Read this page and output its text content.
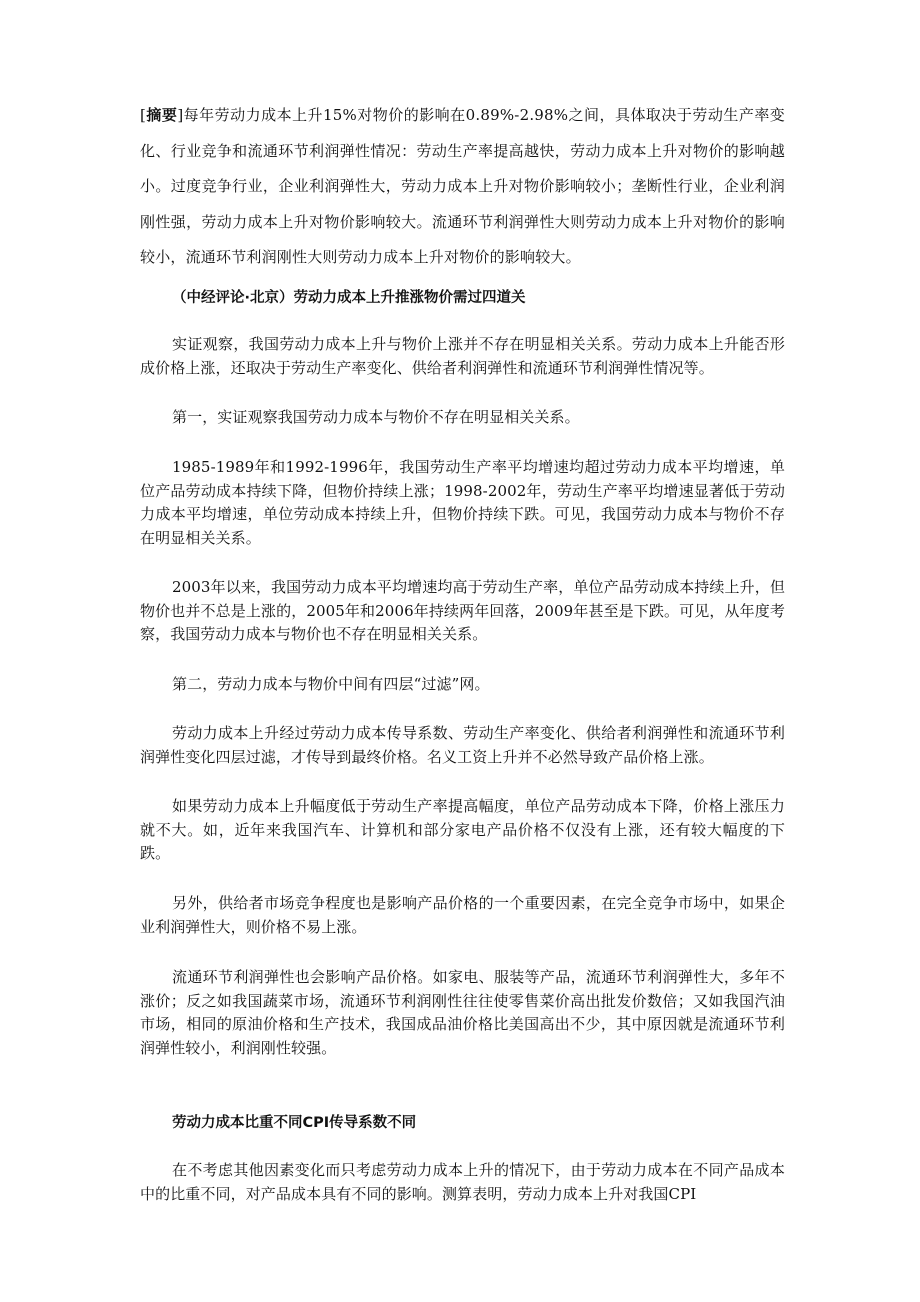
[摘要]每年劳动力成本上升15%对物价的影响在0.89%-2.98%之间，具体取决于劳动生产率变化、行业竞争和流通环节利润弹性情况：劳动生产率提高越快，劳动力成本上升对物价的影响越小。过度竞争行业，企业利润弹性大，劳动力成本上升对物价影响较小；垄断性行业，企业利润刚性强，劳动力成本上升对物价影响较大。流通环节利润弹性大则劳动力成本上升对物价的影响较小，流通环节利润刚性大则劳动力成本上升对物价的影响较大。
（中经评论·北京）劳动力成本上升推涨物价需过四道关
实证观察，我国劳动力成本上升与物价上涨并不存在明显相关关系。劳动力成本上升能否形成价格上涨，还取决于劳动生产率变化、供给者利润弹性和流通环节利润弹性情况等。
第一，实证观察我国劳动力成本与物价不存在明显相关关系。
1985-1989年和1992-1996年，我国劳动生产率平均增速均超过劳动力成本平均增速，单位产品劳动成本持续下降，但物价持续上涨；1998-2002年，劳动生产率平均增速显著低于劳动力成本平均增速，单位劳动成本持续上升，但物价持续下跌。可见，我国劳动力成本与物价不存在明显相关关系。
2003年以来，我国劳动力成本平均增速均高于劳动生产率，单位产品劳动成本持续上升，但物价也并不总是上涨的，2005年和2006年持续两年回落，2009年甚至是下跌。可见，从年度考察，我国劳动力成本与物价也不存在明显相关关系。
第二，劳动力成本与物价中间有四层“过滤”网。
劳动力成本上升经过劳动力成本传导系数、劳动生产率变化、供给者利润弹性和流通环节利润弹性变化四层过滤，才传导到最终价格。名义工资上升并不必然导致产品价格上涨。
如果劳动力成本上升幅度低于劳动生产率提高幅度，单位产品劳动成本下降，价格上涨压力就不大。如，近年来我国汽车、计算机和部分家电产品价格不仅没有上涨，还有较大幅度的下跌。
另外，供给者市场竞争程度也是影响产品价格的一个重要因素，在完全竞争市场中，如果企业利润弹性大，则价格不易上涨。
流通环节利润弹性也会影响产品价格。如家电、服装等产品，流通环节利润弹性大，多年不涨价；反之如我国蔬菜市场，流通环节利润刚性往往使零售菜价高出批发价数倍；又如我国汽油市场，相同的原油价格和生产技术，我国成品油价格比美国高出不少，其中原因就是流通环节利润弹性较小，利润刚性较强。
劳动力成本比重不同CPI传导系数不同
在不考虑其他因素变化而只考虑劳动力成本上升的情况下，由于劳动力成本在不同产品成本中的比重不同，对产品成本具有不同的影响。测算表明，劳动力成本上升对我国CPI
